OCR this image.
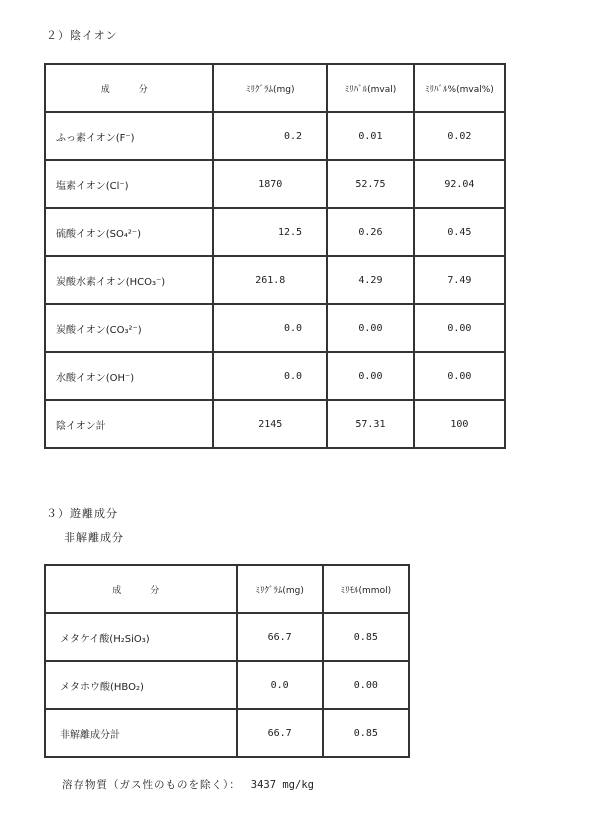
２）陰イオン
成　分	ﾐﾘｸﾞﾗﾑ(mg)	ﾐﾘﾊﾞﾙ(mval)	ﾐﾘﾊﾞﾙ%(mval%)
ふっ素イオン(F⁻)	0.2	0.01	0.02
塩素イオン(Cl⁻)	1870	52.75	92.04
硫酸イオン(SO₄²⁻)	12.5	0.26	0.45
炭酸水素イオン(HCO₃⁻)	261.8	4.29	7.49
炭酸イオン(CO₃²⁻)	0.0	0.00	0.00
水酸イオン(OH⁻)	0.0	0.00	0.00
陰イオン計	2145	57.31	100
３）遊離成分
非解離成分
成　分	ﾐﾘｸﾞﾗﾑ(mg)	ﾐﾘﾓﾙ(mmol)
メタケイ酸(H₂SiO₃)	66.7	0.85
メタホウ酸(HBO₂)	0.0	0.00
非解離成分計	66.7	0.85
溶存物質（ガス性のものを除く）： 3437 mg/kg
